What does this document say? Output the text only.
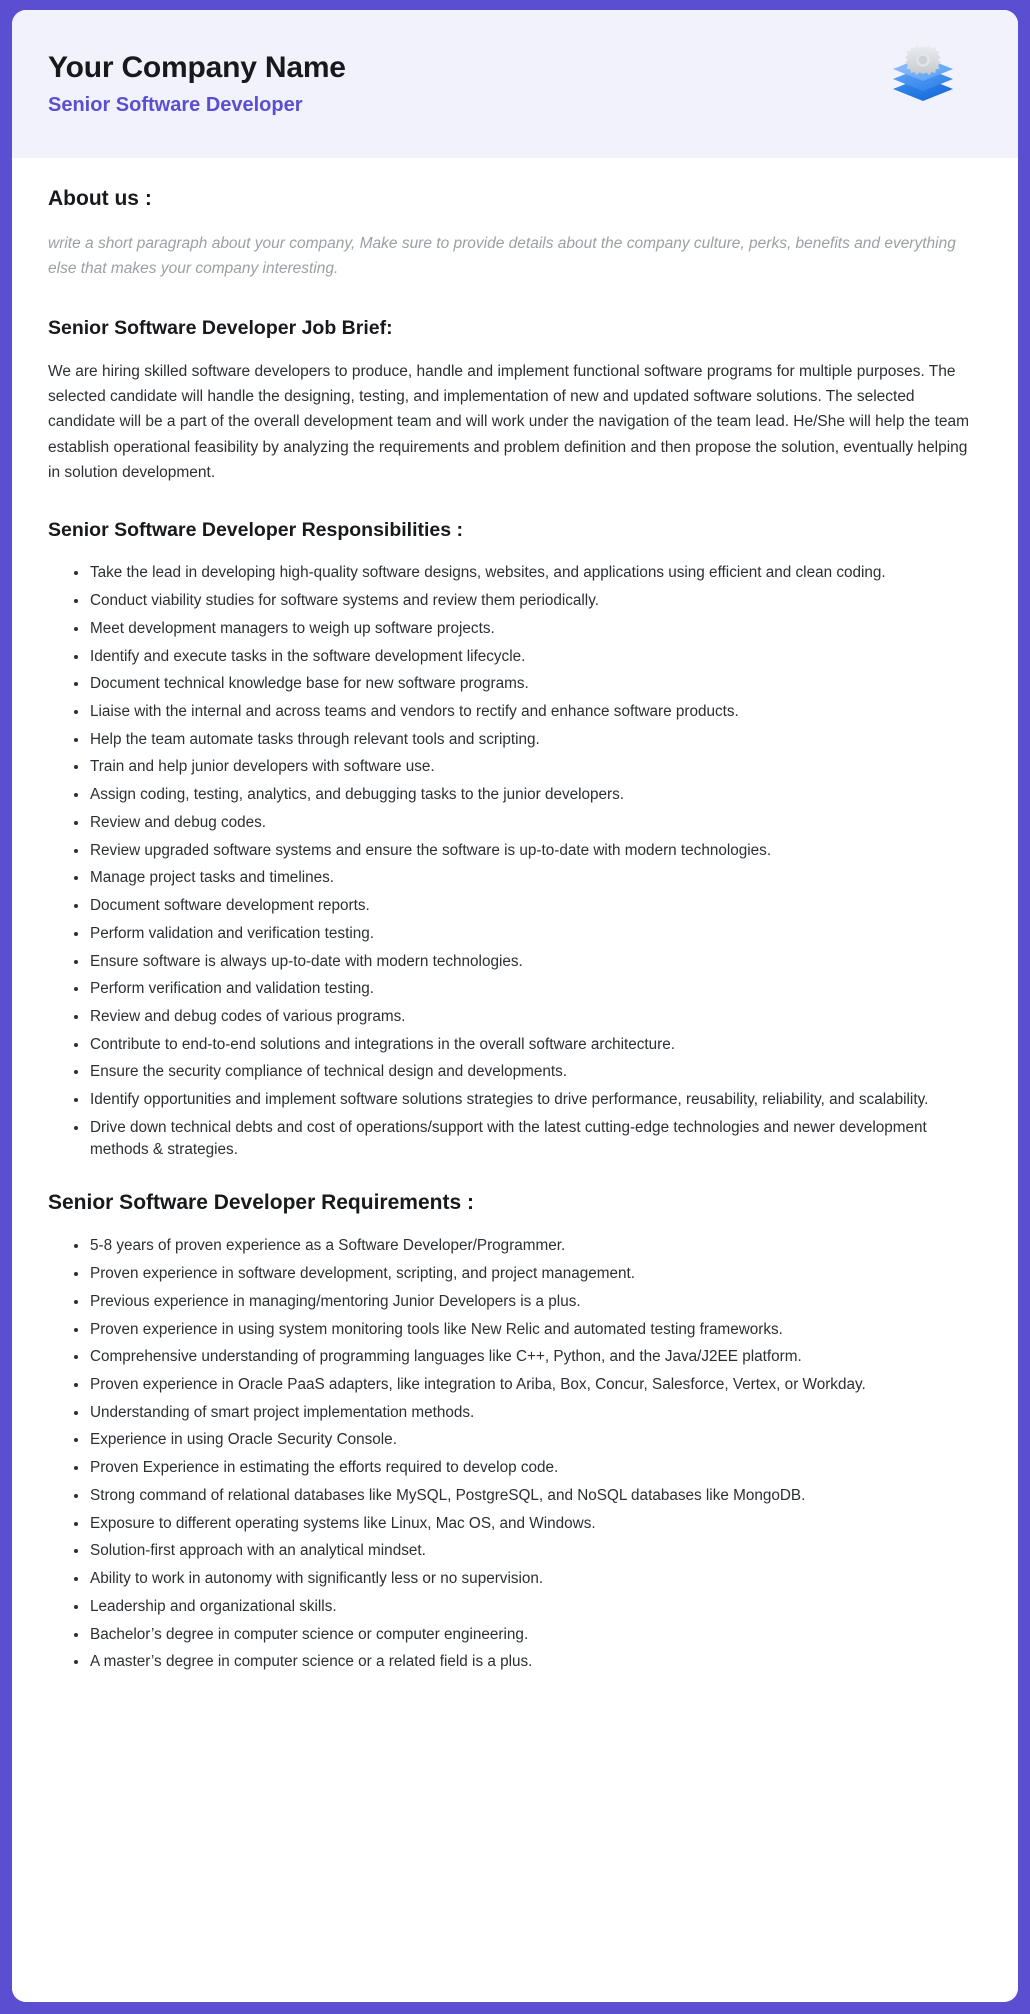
Your Company Name
Senior Software Developer
About us :

write a short paragraph about your company, Make sure to provide details about the company culture, perks, benefits and everything else that makes your company interesting.

Senior Software Developer Job Brief:

We are hiring skilled software developers to produce, handle and implement functional software programs for multiple purposes. The selected candidate will handle the designing, testing, and implementation of new and updated software solutions. The selected candidate will be a part of the overall development team and will work under the navigation of the team lead. He/She will help the team establish operational feasibility by analyzing the requirements and problem definition and then propose the solution, eventually helping in solution development.

Senior Software Developer Responsibilities :
Take the lead in developing high-quality software designs, websites, and applications using efficient and clean coding.
Conduct viability studies for software systems and review them periodically.
Meet development managers to weigh up software projects.
Identify and execute tasks in the software development lifecycle.
Document technical knowledge base for new software programs.
Liaise with the internal and across teams and vendors to rectify and enhance software products.
Help the team automate tasks through relevant tools and scripting.
Train and help junior developers with software use.
Assign coding, testing, analytics, and debugging tasks to the junior developers.
Review and debug codes.
Review upgraded software systems and ensure the software is up-to-date with modern technologies.
Manage project tasks and timelines.
Document software development reports.
Perform validation and verification testing.
Ensure software is always up-to-date with modern technologies.
Perform verification and validation testing.
Review and debug codes of various programs.
Contribute to end-to-end solutions and integrations in the overall software architecture.
Ensure the security compliance of technical design and developments.
Identify opportunities and implement software solutions strategies to drive performance, reusability, reliability, and scalability.
Drive down technical debts and cost of operations/support with the latest cutting-edge technologies and newer development methods & strategies.
Senior Software Developer Requirements :
5-8 years of proven experience as a Software Developer/Programmer.
Proven experience in software development, scripting, and project management.
Previous experience in managing/mentoring Junior Developers is a plus.
Proven experience in using system monitoring tools like New Relic and automated testing frameworks.
Comprehensive understanding of programming languages like C++, Python, and the Java/J2EE platform.
Proven experience in Oracle PaaS adapters, like integration to Ariba, Box, Concur, Salesforce, Vertex, or Workday.
Understanding of smart project implementation methods.
Experience in using Oracle Security Console.
Proven Experience in estimating the efforts required to develop code.
Strong command of relational databases like MySQL, PostgreSQL, and NoSQL databases like MongoDB.
Exposure to different operating systems like Linux, Mac OS, and Windows.
Solution-first approach with an analytical mindset.
Ability to work in autonomy with significantly less or no supervision.
Leadership and organizational skills.
Bachelor’s degree in computer science or computer engineering.
A master’s degree in computer science or a related field is a plus.
